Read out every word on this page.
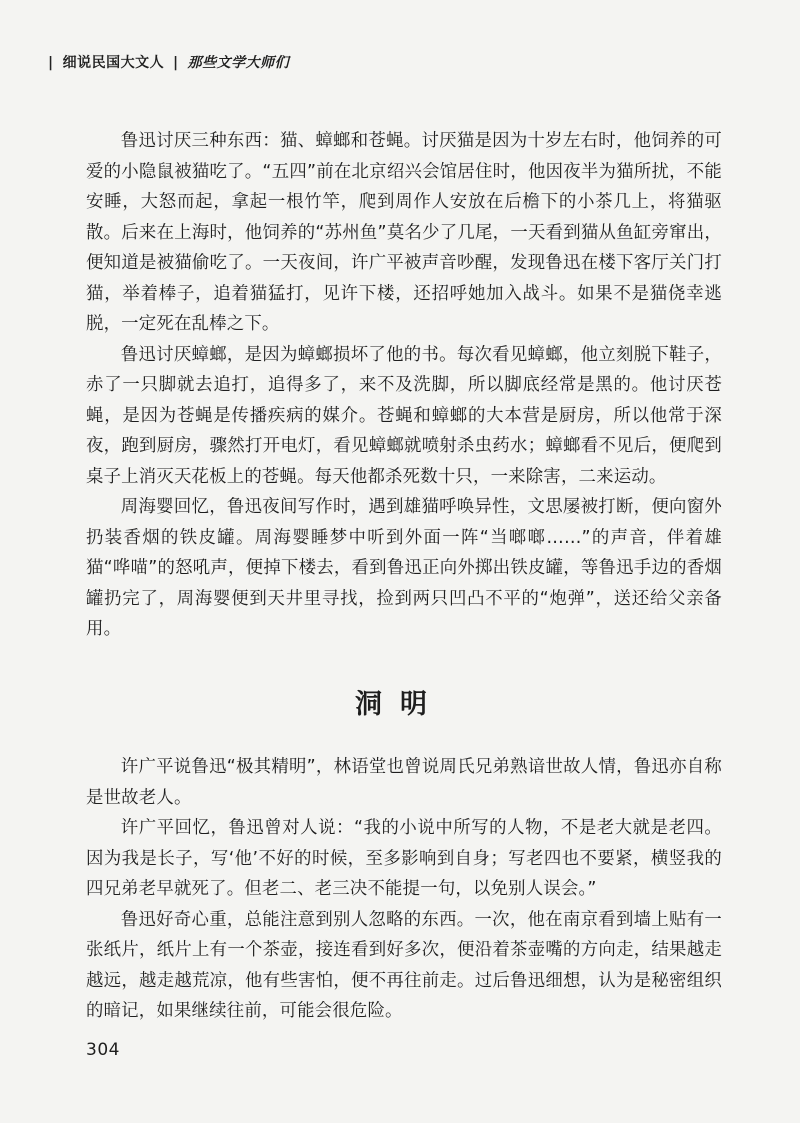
| 细说民国大文人 | 那些文学大师们

鲁迅讨厌三种东西：猫、蟑螂和苍蝇。讨厌猫是因为十岁左右时，他饲养的可爱的小隐鼠被猫吃了。“五四”前在北京绍兴会馆居住时，他因夜半为猫所扰，不能安睡，大怒而起，拿起一根竹竿，爬到周作人安放在后檐下的小茶几上，将猫驱散。后来在上海时，他饲养的“苏州鱼”莫名少了几尾，一天看到猫从鱼缸旁窜出，便知道是被猫偷吃了。一天夜间，许广平被声音吵醒，发现鲁迅在楼下客厅关门打猫，举着棒子，追着猫猛打，见许下楼，还招呼她加入战斗。如果不是猫侥幸逃脱，一定死在乱棒之下。

鲁迅讨厌蟑螂，是因为蟑螂损坏了他的书。每次看见蟑螂，他立刻脱下鞋子，赤了一只脚就去追打，追得多了，来不及洗脚，所以脚底经常是黑的。他讨厌苍蝇，是因为苍蝇是传播疾病的媒介。苍蝇和蟑螂的大本营是厨房，所以他常于深夜，跑到厨房，骤然打开电灯，看见蟑螂就喷射杀虫药水；蟑螂看不见后，便爬到桌子上消灭天花板上的苍蝇。每天他都杀死数十只，一来除害，二来运动。

周海婴回忆，鲁迅夜间写作时，遇到雄猫呼唤异性，文思屡被打断，便向窗外扔装香烟的铁皮罐。周海婴睡梦中听到外面一阵“当啷啷……”的声音，伴着雄猫“哗喵”的怒吼声，便掉下楼去，看到鲁迅正向外掷出铁皮罐，等鲁迅手边的香烟罐扔完了，周海婴便到天井里寻找，捡到两只凹凸不平的“炮弹”，送还给父亲备用。

洞明

许广平说鲁迅“极其精明”，林语堂也曾说周氏兄弟熟谙世故人情，鲁迅亦自称是世故老人。

许广平回忆，鲁迅曾对人说：“我的小说中所写的人物，不是老大就是老四。因为我是长子，写‘他’不好的时候，至多影响到自身；写老四也不要紧，横竖我的四兄弟老早就死了。但老二、老三决不能提一句，以免别人误会。”

鲁迅好奇心重，总能注意到别人忽略的东西。一次，他在南京看到墙上贴有一张纸片，纸片上有一个茶壶，接连看到好多次，便沿着茶壶嘴的方向走，结果越走越远，越走越荒凉，他有些害怕，便不再往前走。过后鲁迅细想，认为是秘密组织的暗记，如果继续往前，可能会很危险。

304
